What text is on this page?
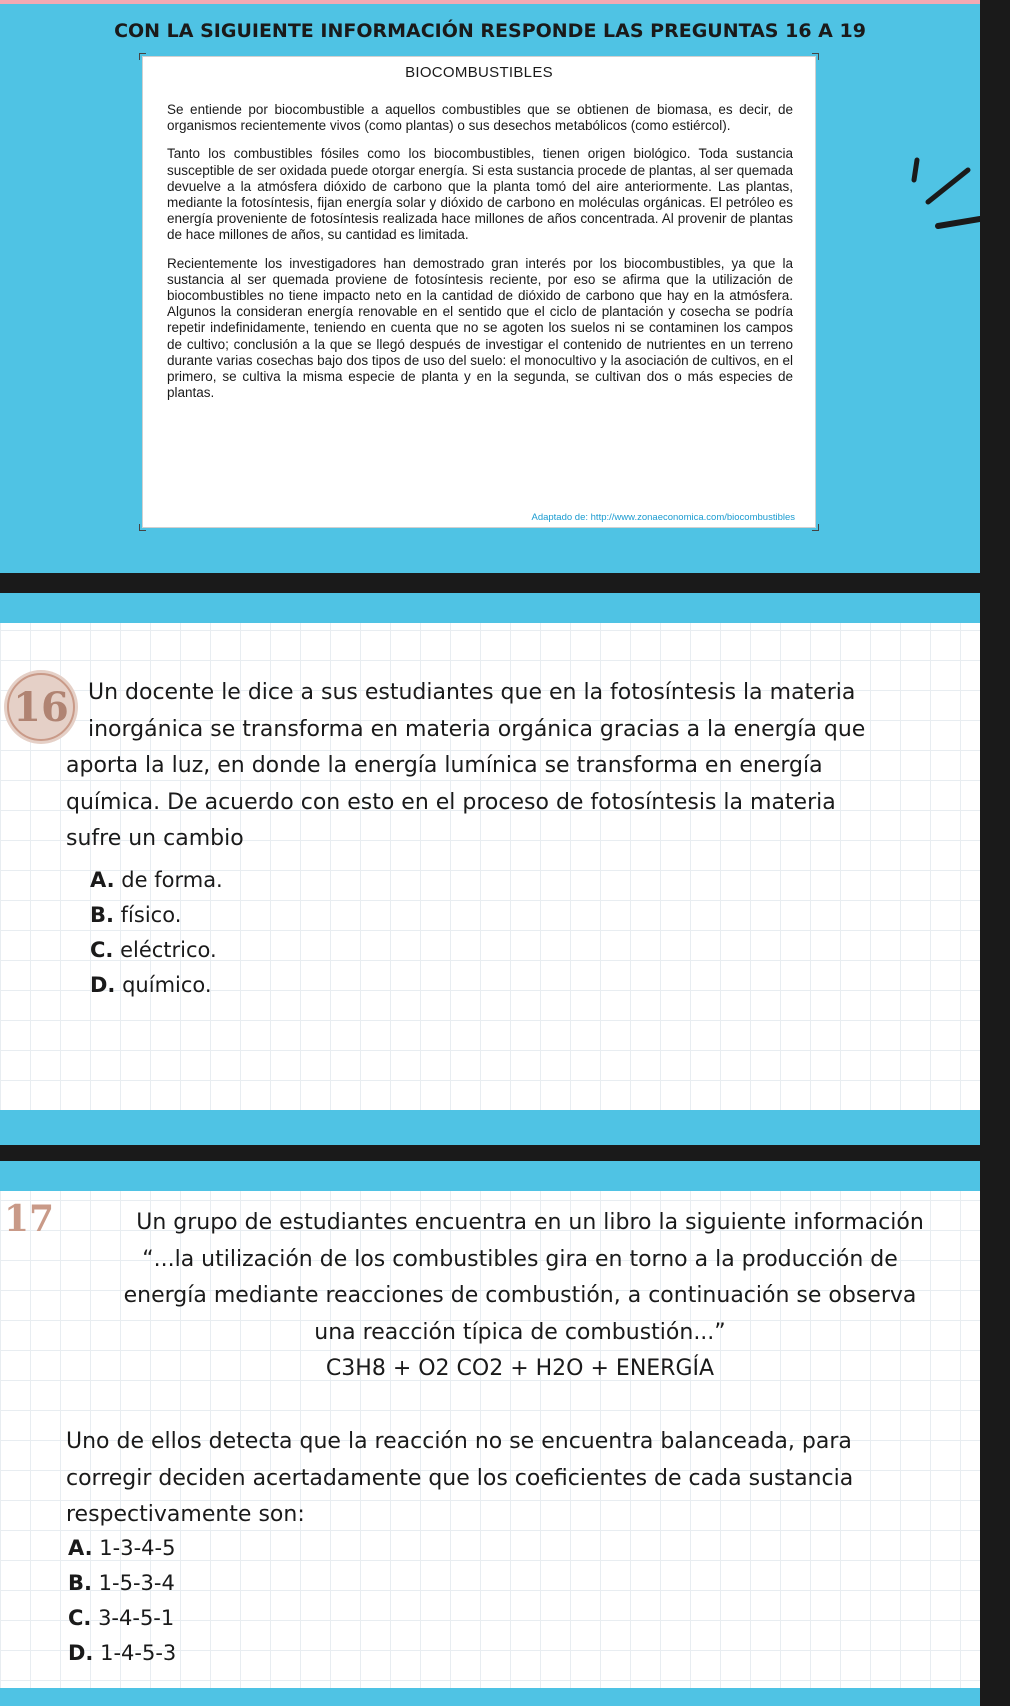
CON LA SIGUIENTE INFORMACIÓN RESPONDE LAS PREGUNTAS 16 A 19
BIOCOMBUSTIBLES

Se entiende por biocombustible a aquellos combustibles que se obtienen de biomasa, es decir, de organismos recientemente vivos (como plantas) o sus desechos metabólicos (como estiércol).

Tanto los combustibles fósiles como los biocombustibles, tienen origen biológico. Toda sustancia susceptible de ser oxidada puede otorgar energía. Si esta sustancia procede de plantas, al ser quemada devuelve a la atmósfera dióxido de carbono que la planta tomó del aire anteriormente. Las plantas, mediante la fotosíntesis, fijan energía solar y dióxido de carbono en moléculas orgánicas. El petróleo es energía proveniente de fotosíntesis realizada hace millones de años concentrada. Al provenir de plantas de hace millones de años, su cantidad es limitada.

Recientemente los investigadores han demostrado gran interés por los biocombustibles, ya que la sustancia al ser quemada proviene de fotosíntesis reciente, por eso se afirma que la utilización de biocombustibles no tiene impacto neto en la cantidad de dióxido de carbono que hay en la atmósfera. Algunos la consideran energía renovable en el sentido que el ciclo de plantación y cosecha se podría repetir indefinidamente, teniendo en cuenta que no se agoten los suelos ni se contaminen los campos de cultivo; conclusión a la que se llegó después de investigar el contenido de nutrientes en un terreno durante varias cosechas bajo dos tipos de uso del suelo: el monocultivo y la asociación de cultivos, en el primero, se cultiva la misma especie de planta y en la segunda, se cultivan dos o más especies de plantas.

Adaptado de: http://www.zonaeconomica.com/biocombustibles
16 Un docente le dice a sus estudiantes que en la fotosíntesis la materia
inorgánica se transforma en materia orgánica gracias a la energía que
aporta la luz, en donde la energía lumínica se transforma en energía
química. De acuerdo con esto en el proceso de fotosíntesis la materia
sufre un cambio
A. de forma.
B. físico.
C. eléctrico.
D. químico.
17	Un grupo de estudiantes encuentra en un libro la siguiente información
“...la utilización de los combustibles gira en torno a la producción de
energía mediante reacciones de combustión, a continuación se observa
una reacción típica de combustión...”
C3H8 + O2 CO2 + H2O + ENERGÍA
Uno de ellos detecta que la reacción no se encuentra balanceada, para
corregir deciden acertadamente que los coeficientes de cada sustancia
respectivamente son:
A. 1-3-4-5
B. 1-5-3-4
C. 3-4-5-1
D. 1-4-5-3
